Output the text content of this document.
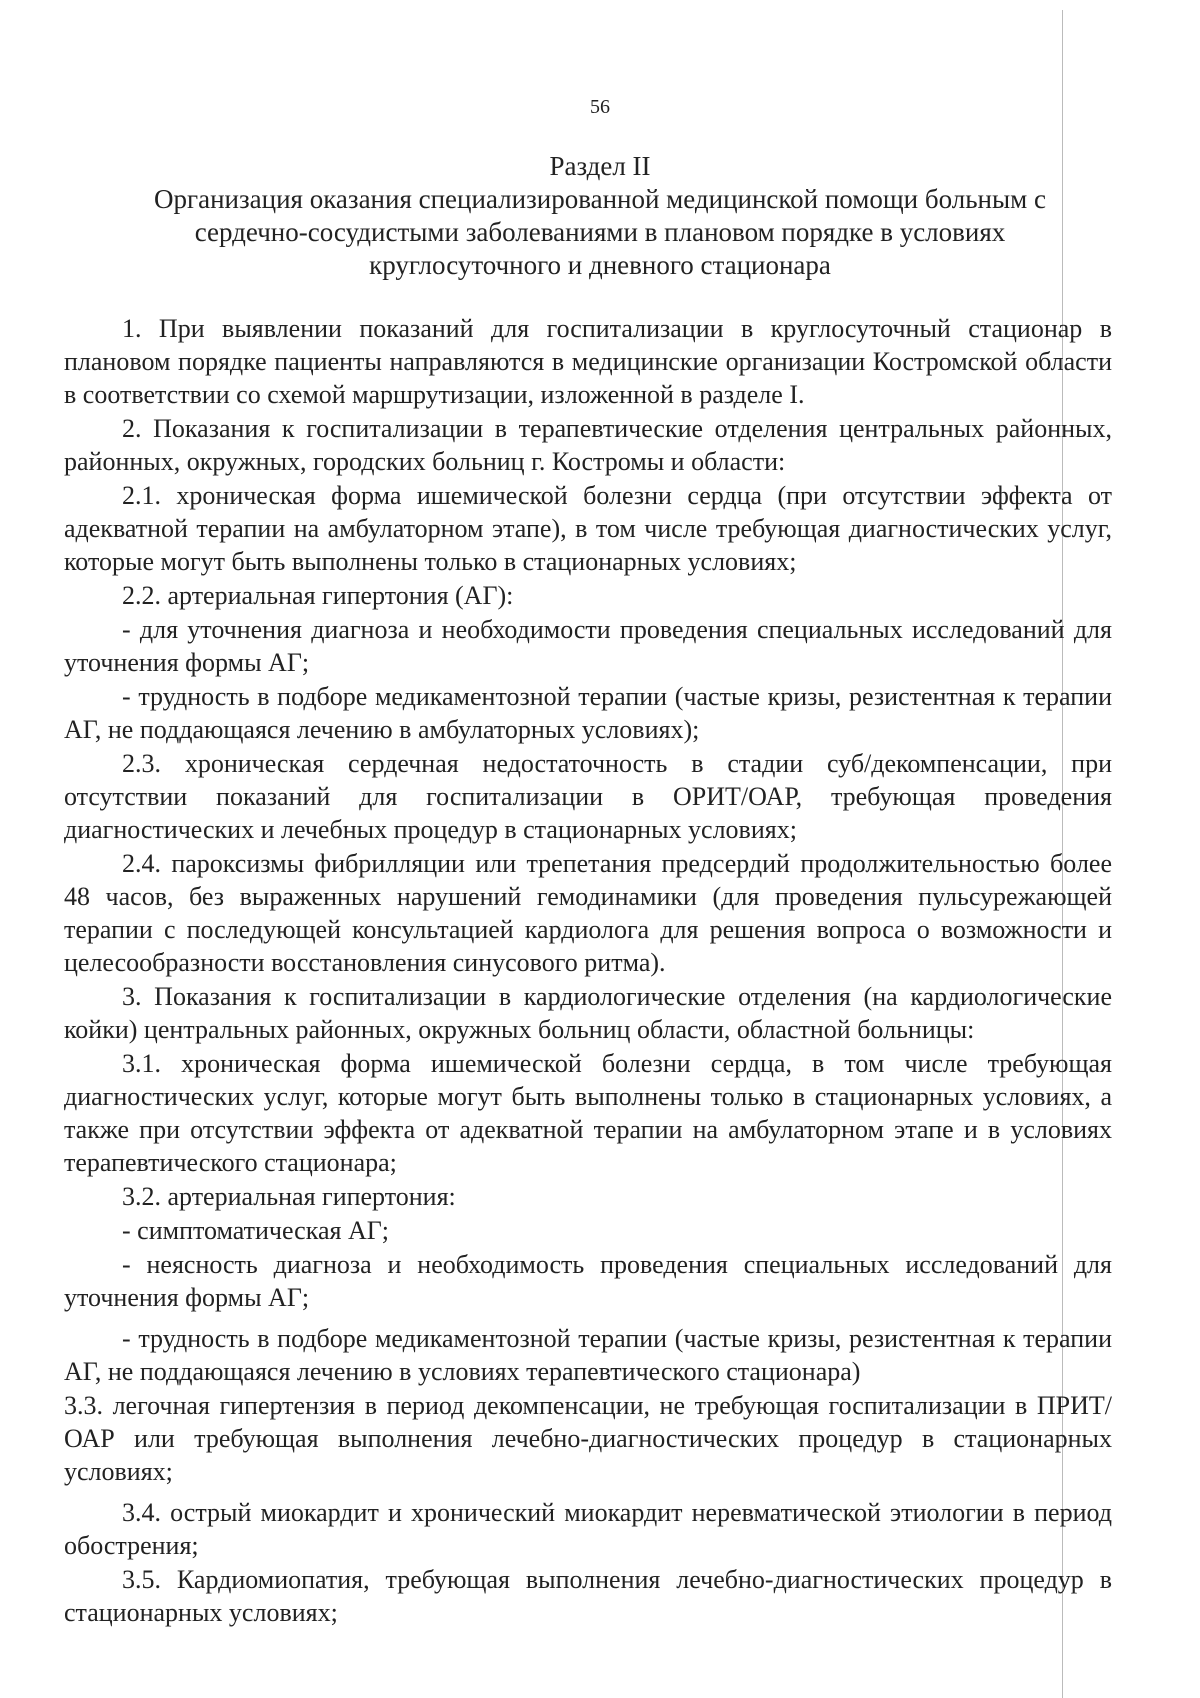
56
Раздел II
Организация оказания специализированной медицинской помощи больным с сердечно-сосудистыми заболеваниями в плановом порядке в условиях круглосуточного и дневного стационара

1. При выявлении показаний для госпитализации в круглосуточный стационар в плановом порядке пациенты направляются в медицинские организации Костромской области в соответствии со схемой маршрутизации, изложенной в разделе I.

2. Показания к госпитализации в терапевтические отделения центральных районных, районных, окружных, городских больниц г. Костромы и области:

2.1. хроническая форма ишемической болезни сердца (при отсутствии эффекта от адекватной терапии на амбулаторном этапе), в том числе требующая диагностических услуг, которые могут быть выполнены только в стационарных условиях;

2.2. артериальная гипертония (АГ):

- для уточнения диагноза и необходимости проведения специальных исследований для уточнения формы АГ;

- трудность в подборе медикаментозной терапии (частые кризы, резистентная к терапии АГ, не поддающаяся лечению в амбулаторных условиях);

2.3. хроническая сердечная недостаточность в стадии суб/декомпенсации, при отсутствии показаний для госпитализации в ОРИТ/ОАР, требующая проведения диагностических и лечебных процедур в стационарных условиях;

2.4. пароксизмы фибрилляции или трепетания предсердий продолжительностью более 48 часов, без выраженных нарушений гемодинамики (для проведения пульсурежающей терапии с последующей консультацией кардиолога для решения вопроса о возможности и целесообразности восстановления синусового ритма).

3. Показания к госпитализации в кардиологические отделения (на кардиологические койки) центральных районных, окружных больниц области, областной больницы:

3.1. хроническая форма ишемической болезни сердца, в том числе требующая диагностических услуг, которые могут быть выполнены только в стационарных условиях, а также при отсутствии эффекта от адекватной терапии на амбулаторном этапе и в условиях терапевтического стационара;

3.2. артериальная гипертония:

- симптоматическая АГ;

- неясность диагноза и необходимость проведения специальных исследований для уточнения формы АГ;

- трудность в подборе медикаментозной терапии (частые кризы, резистентная к терапии АГ, не поддающаяся лечению в условиях терапевтического стационара)

3.3. легочная гипертензия в период декомпенсации, не требующая госпитализации в ПРИТ/ОАР или требующая выполнения лечебно-диагностических процедур в стационарных условиях;

3.4. острый миокардит и хронический миокардит неревматической этиологии в период обострения;

3.5. Кардиомиопатия, требующая выполнения лечебно-диагностических процедур в стационарных условиях;
